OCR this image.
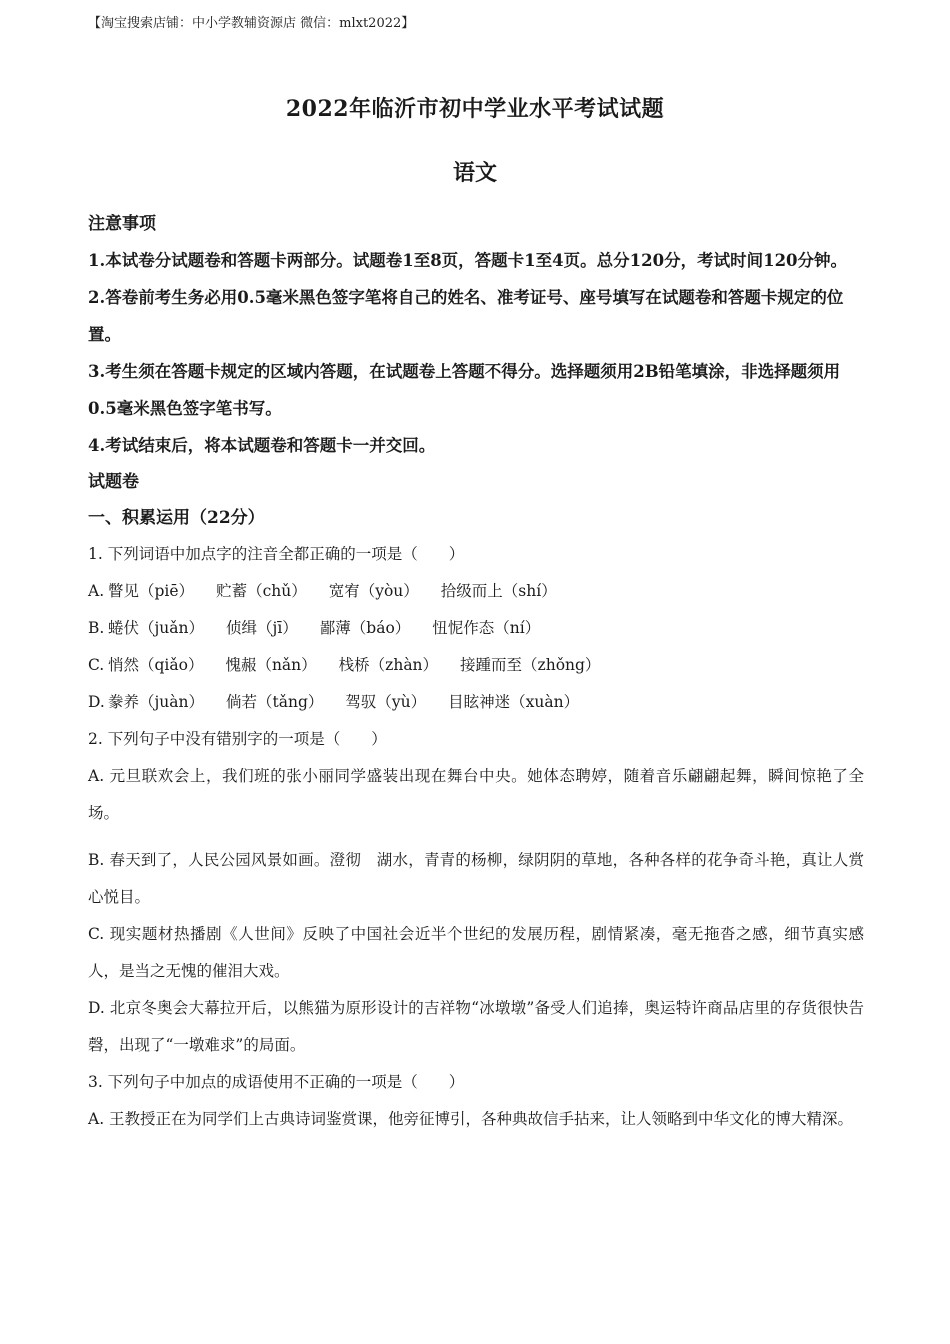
【淘宝搜索店铺：中小学教辅资源店 微信：mlxt2022】
2022年临沂市初中学业水平考试试题
语文
注意事项

1.本试卷分试题卷和答题卡两部分。试题卷1至8页，答题卡1至4页。总分120分，考试时间120分钟。

2.答卷前考生务必用0.5毫米黑色签字笔将自己的姓名、准考证号、座号填写在试题卷和答题卡规定的位置。

3.考生须在答题卡规定的区域内答题，在试题卷上答题不得分。选择题须用2B铅笔填涂，非选择题须用0.5毫米黑色签字笔书写。

4.考试结束后，将本试题卷和答题卡一并交回。

试题卷
一、积累运用（22分）

1. 下列词语中加点字的注音全都正确的一项是（　　）

A. 瞥见（piē） 贮蓄（chǔ） 宽宥（yòu） 拾级而上（shí）
B. 蜷伏（juǎn） 侦缉（jī） 鄙薄（báo） 忸怩作态（ní）
C. 悄然（qiǎo） 愧赧（nǎn） 栈桥（zhàn） 接踵而至（zhǒng）
D. 豢养（juàn） 倘若（tǎng） 驾驭（yù） 目眩神迷（xuàn）

2. 下列句子中没有错别字的一项是（　　）

A. 元旦联欢会上，我们班的张小丽同学盛装出现在舞台中央。她体态聘婷，随着音乐翩翩起舞，瞬间惊艳了全场。

B. 春天到了，人民公园风景如画。澄彻　湖水，青青的杨柳，绿阴阴的草地，各种各样的花争奇斗艳，真让人赏心悦目。

C. 现实题材热播剧《人世间》反映了中国社会近半个世纪的发展历程，剧情紧凑，毫无拖沓之感，细节真实感人，是当之无愧的催泪大戏。

D. 北京冬奥会大幕拉开后，以熊猫为原形设计的吉祥物“冰墩墩”备受人们追捧，奥运特许商品店里的存货很快告磬，出现了“一墩难求”的局面。

3. 下列句子中加点的成语使用不正确的一项是（　　）

A. 王教授正在为同学们上古典诗词鉴赏课，他旁征博引，各种典故信手拈来，让人领略到中华文化的博大精深。
